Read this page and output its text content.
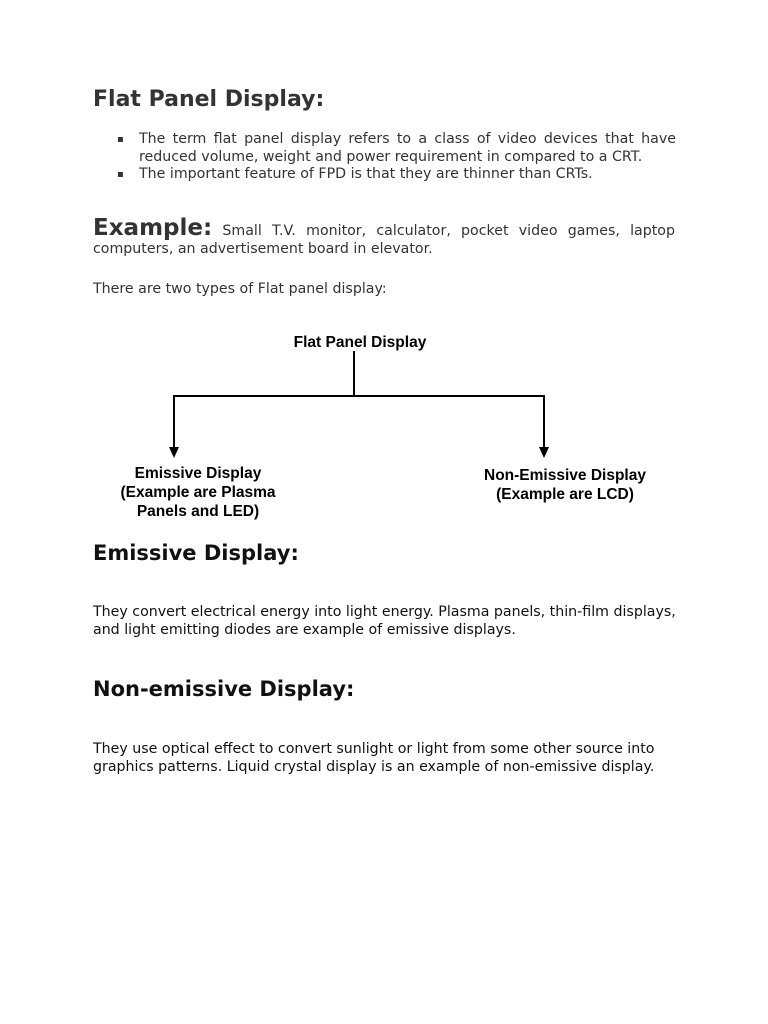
Flat Panel Display:
▪ The term flat panel display refers to a class of video devices that have reduced volume, weight and power requirement in compared to a CRT.
▪ The important feature of FPD is that they are thinner than CRTs.

Example: Small T.V. monitor, calculator, pocket video games, laptop computers, an advertisement board in elevator.

There are two types of Flat panel display:

Flat Panel Display
Emissive Display
(Example are Plasma
Panels and LED)
Non-Emissive Display
(Example are LCD)
Emissive Display:

They convert electrical energy into light energy. Plasma panels, thin-film displays, and light emitting diodes are example of emissive displays.

Non-emissive Display:

They use optical effect to convert sunlight or light from some other source into graphics patterns. Liquid crystal display is an example of non-emissive display.
